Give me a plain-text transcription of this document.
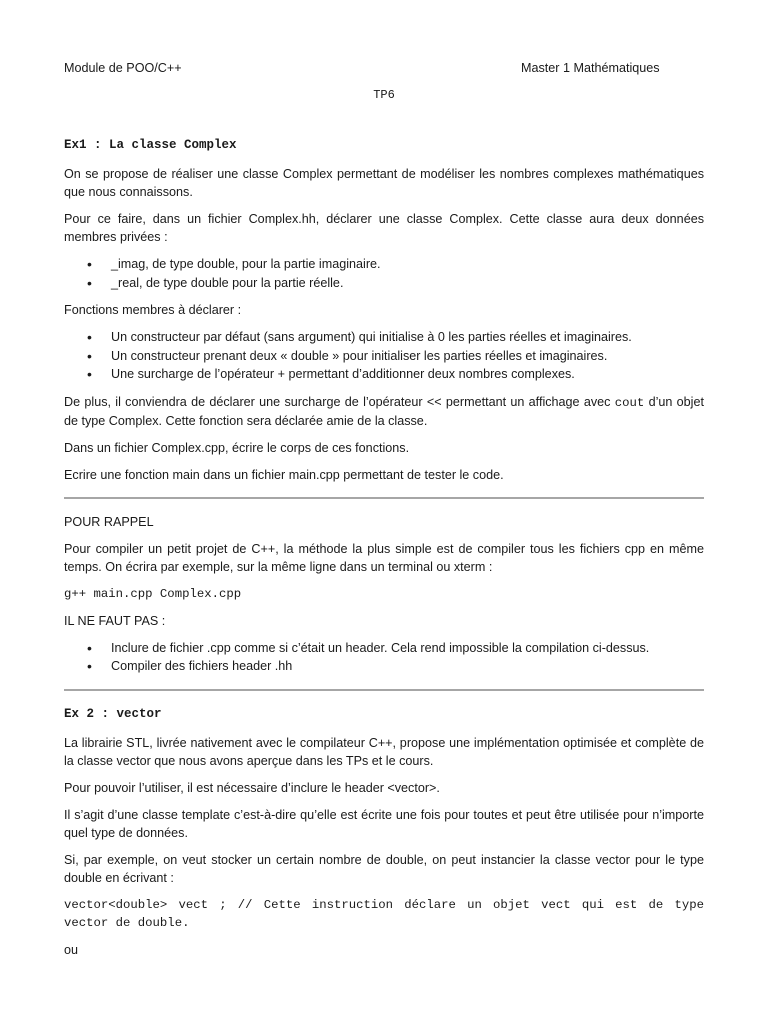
Module de POO/C++	Master 1 Mathématiques
TP6
Ex1 : La classe Complex

On se propose de réaliser une classe Complex permettant de modéliser les nombres complexes mathématiques que nous connaissons.

Pour ce faire, dans un fichier Complex.hh, déclarer une classe Complex. Cette classe aura deux données membres privées :

• _imag, de type double, pour la partie imaginaire.
• _real, de type double pour la partie réelle.

Fonctions membres à déclarer :

• Un constructeur par défaut (sans argument) qui initialise à 0 les parties réelles et imaginaires.
• Un constructeur prenant deux « double » pour initialiser les parties réelles et imaginaires.
• Une surcharge de l’opérateur + permettant d’additionner deux nombres complexes.

De plus, il conviendra de déclarer une surcharge de l’opérateur << permettant un affichage avec cout d’un objet de type Complex. Cette fonction sera déclarée amie de la classe.

Dans un fichier Complex.cpp, écrire le corps de ces fonctions.

Ecrire une fonction main dans un fichier main.cpp permettant de tester le code.

POUR RAPPEL

Pour compiler un petit projet de C++, la méthode la plus simple est de compiler tous les fichiers cpp en même temps. On écrira par exemple, sur la même ligne dans un terminal ou xterm :

g++ main.cpp Complex.cpp

IL NE FAUT PAS :

• Inclure de fichier .cpp comme si c’était un header. Cela rend impossible la compilation ci-dessus.
• Compiler des fichiers header .hh
Ex 2 : vector

La librairie STL, livrée nativement avec le compilateur C++, propose une implémentation optimisée et complète de la classe vector que nous avons aperçue dans les TPs et le cours.

Pour pouvoir l’utiliser, il est nécessaire d’inclure le header <vector>.

Il s’agit d’une classe template c’est-à-dire qu’elle est écrite une fois pour toutes et peut être utilisée pour n’importe quel type de données.

Si, par exemple, on veut stocker un certain nombre de double, on peut instancier la classe vector pour le type double en écrivant :

vector<double> vect ; // Cette instruction déclare un objet vect qui est de type vector de double.

ou
